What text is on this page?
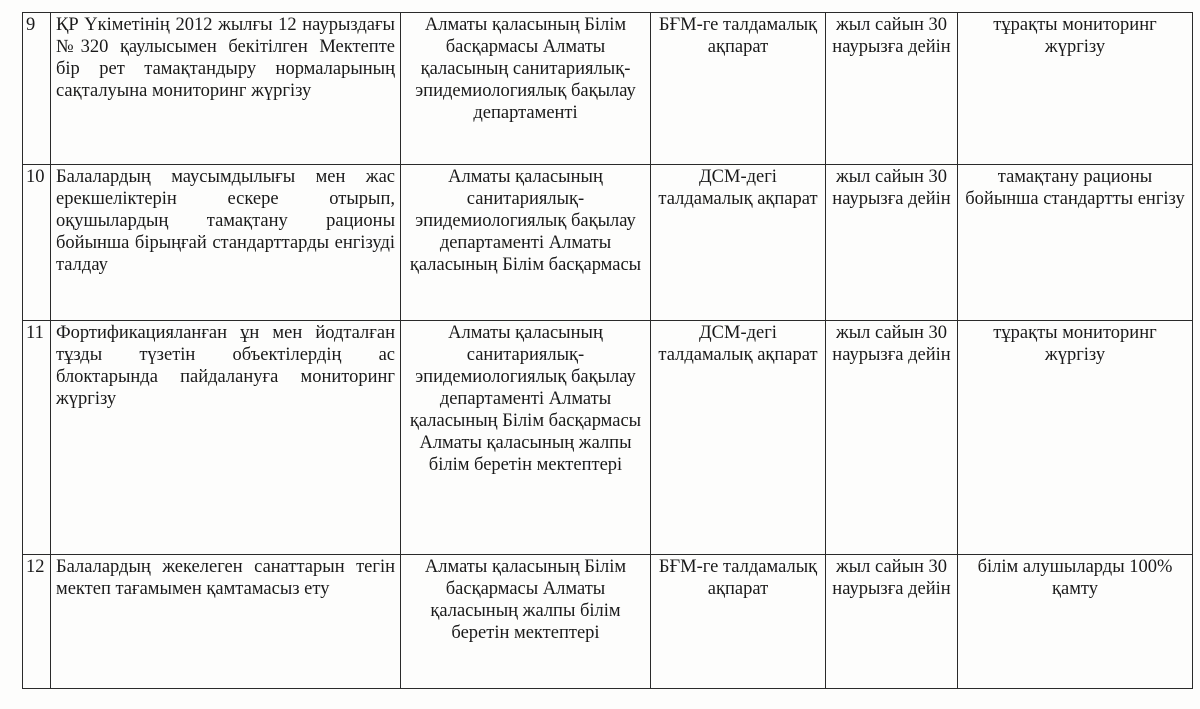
9	ҚР Үкіметінің 2012 жылғы 12 наурыздағы №320 қаулысымен бекітілген Мектепте бір рет тамақтандыру нормаларының сақталуына мониторинг жүргізу	Алматы қаласының Білім басқармасы Алматы қаласының санитариялық-эпидемиологиялық бақылау департаменті	БҒМ-ге талдамалық ақпарат	жыл сайын 30 наурызға дейін	тұрақты мониторинг жүргізу
10	Балалардың маусымдылығы мен жас ерекшеліктерін ескере отырып, оқушылардың тамақтану рационы бойынша бірыңғай стандарттарды енгізуді талдау	Алматы қаласының санитариялық-эпидемиологиялық бақылау департаменті Алматы қаласының Білім басқармасы	ДСМ-дегі талдамалық ақпарат	жыл сайын 30 наурызға дейін	тамақтану рационы бойынша стандартты енгізу
11	Фортификацияланған ұн мен йодталған тұзды түзетін объектілердің ас блоктарында пайдалануға мониторинг жүргізу	Алматы қаласының санитариялық-эпидемиологиялық бақылау департаменті Алматы қаласының Білім басқармасы Алматы қаласының жалпы білім беретін мектептері	ДСМ-дегі талдамалық ақпарат	жыл сайын 30 наурызға дейін	тұрақты мониторинг жүргізу
12	Балалардың жекелеген санаттарын тегін мектеп тағамымен қамтамасыз ету	Алматы қаласының Білім басқармасы Алматы қаласының жалпы білім беретін мектептері	БҒМ-ге талдамалық ақпарат	жыл сайын 30 наурызға дейін	білім алушыларды 100% қамту
